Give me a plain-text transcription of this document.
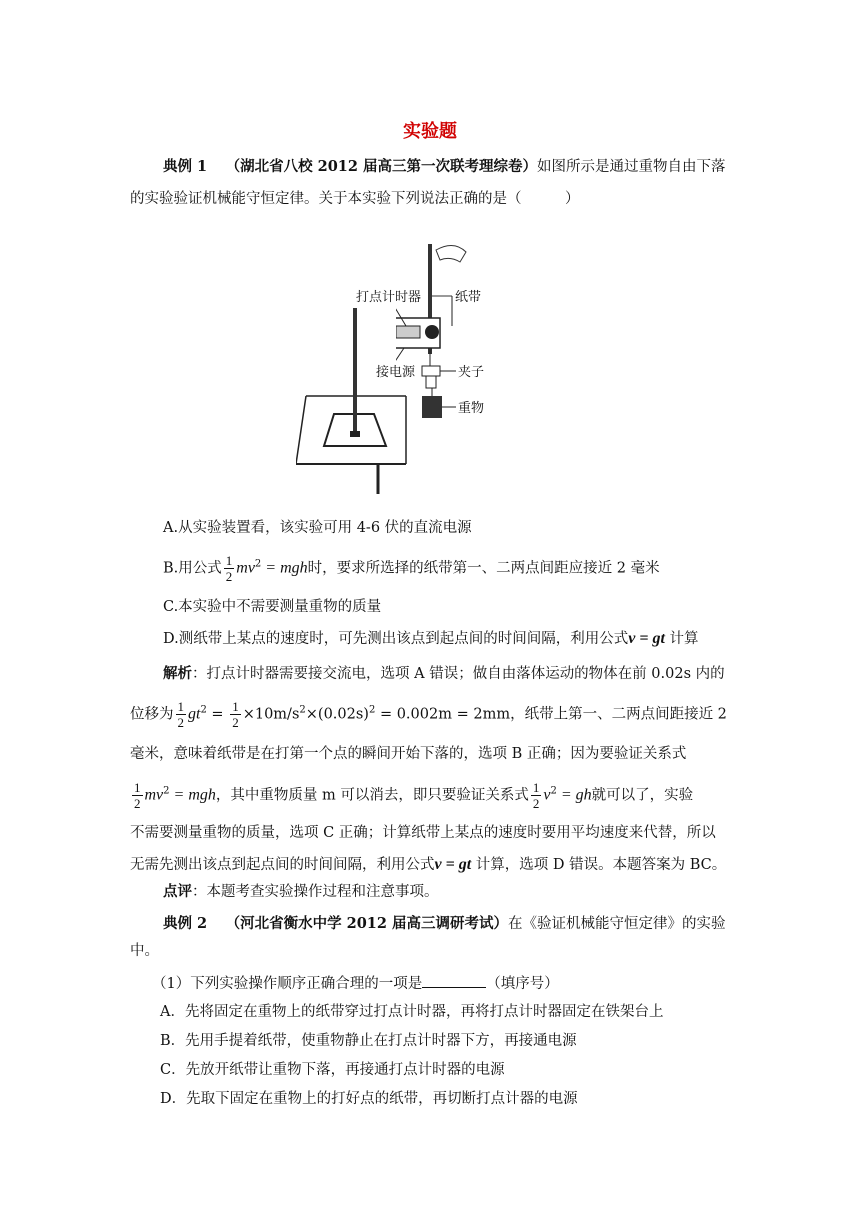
实验题
典例 1 （湖北省八校 2012 届高三第一次联考理综卷）如图所示是通过重物自由下落
的实验验证机械能守恒定律。关于本实验下列说法正确的是（　　　）
打点计时器	纸带
接电源	夹子
重物
A.从实验装置看，该实验可用 4-6 伏的直流电源
B.用公式 $\frac{1}{2} mv^2$ = mgh时，要求所选择的纸带第一、二两点间距应接近 2 毫米
C.本实验中不需要测量重物的质量
D.测纸带上某点的速度时，可先测出该点到起点间的时间间隔，利用公式v = gt 计算
解析：打点计时器需要接交流电，选项 A 错误；做自由落体运动的物体在前 0.02s 内的
位移为 $\frac{1}{2} gt^2 = \frac{1}{2} \times 10m/s^2\times(0.02s)^2 = 0.002m = 2mm$，纸带上第一、二两点间距接近 2
毫米，意味着纸带是在打第一个点的瞬间开始下落的，选项 B 正确；因为要验证关系式
$\frac{1}{2} mv^2$ = mgh，其中重物质量 m 可以消去，即只要验证关系式 $\frac{1}{2} v^2$ = gh就可以了，实验
不需要测量重物的质量，选项 C 正确；计算纸带上某点的速度时要用平均速度来代替，所以
无需先测出该点到起点间的时间间隔，利用公式v = gt 计算，选项 D 错误。本题答案为 BC。
点评：本题考查实验操作过程和注意事项。
典例 2 （河北省衡水中学 2012 届高三调研考试）在《验证机械能守恒定律》的实验
中。
（1）下列实验操作顺序正确合理的一项是	（填序号）
A．先将固定在重物上的纸带穿过打点计时器，再将打点计时器固定在铁架台上
B．先用手提着纸带，使重物静止在打点计时器下方，再接通电源
C．先放开纸带让重物下落，再接通打点计时器的电源
D．先取下固定在重物上的打好点的纸带，再切断打点计器的电源
